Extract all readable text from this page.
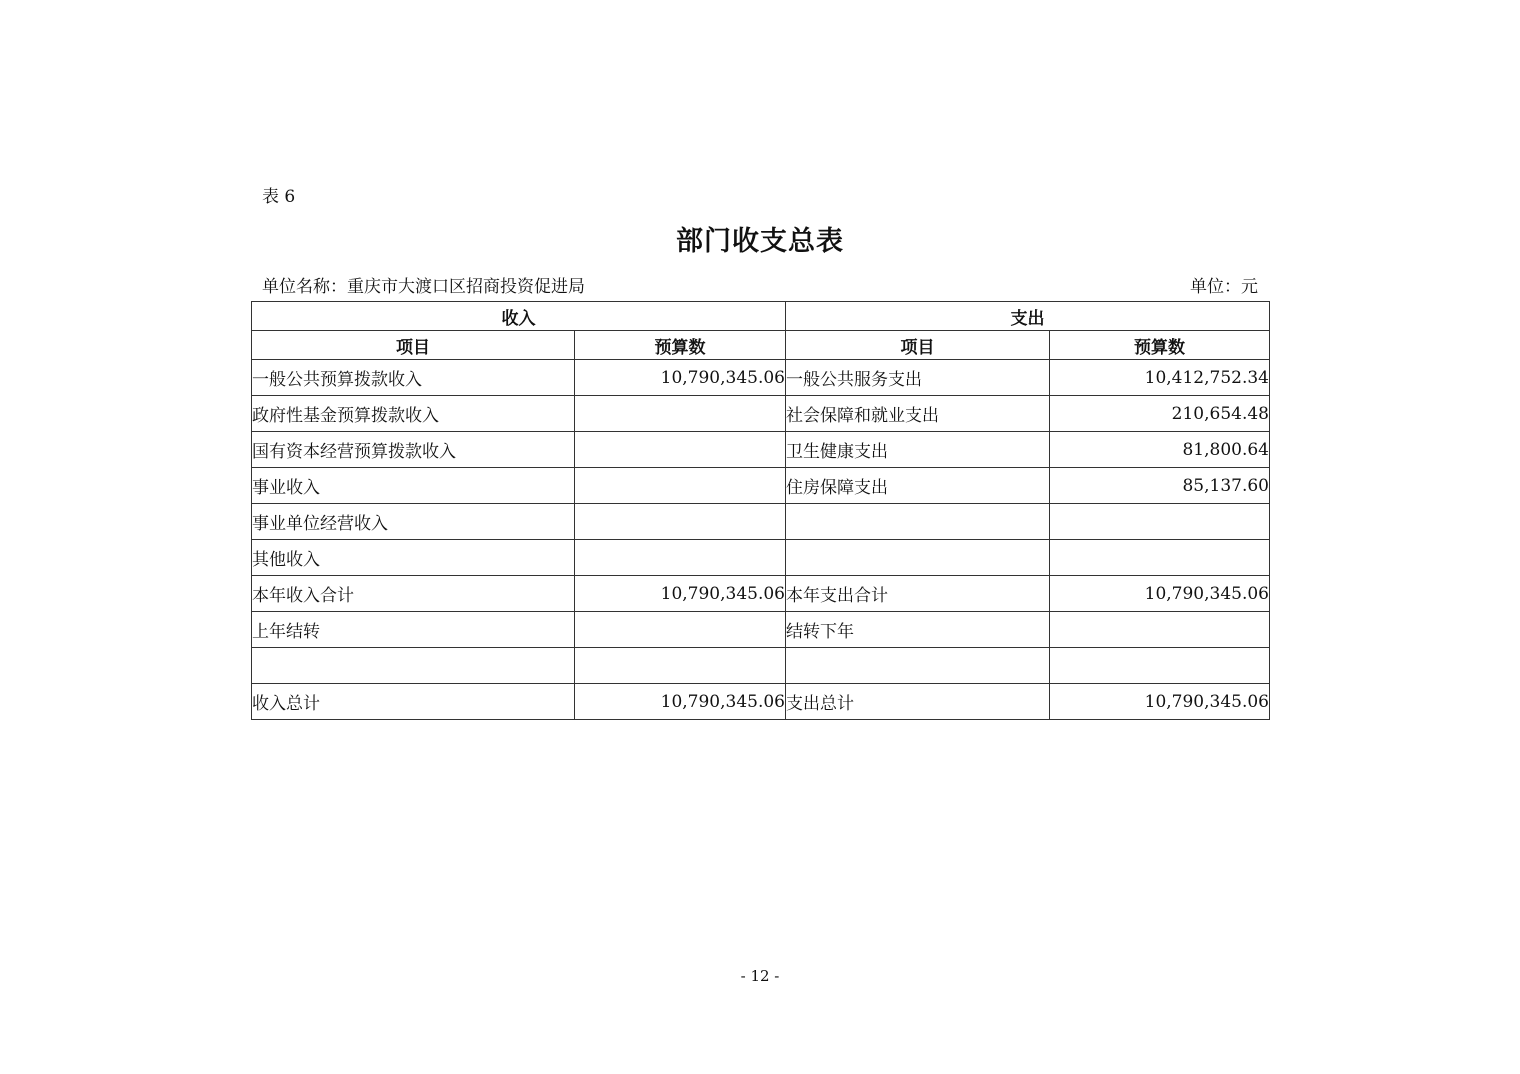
表 6
部门收支总表
单位名称：重庆市大渡口区招商投资促进局	单位：元
收入		支出	
项目	预算数	项目	预算数
一般公共预算拨款收入	10,790,345.06	一般公共服务支出	10,412,752.34
政府性基金预算拨款收入		社会保障和就业支出	210,654.48
国有资本经营预算拨款收入		卫生健康支出	81,800.64
事业收入		住房保障支出	85,137.60
事业单位经营收入			
其他收入			
本年收入合计	10,790,345.06	本年支出合计	10,790,345.06
上年结转		结转下年	

收入总计	10,790,345.06	支出总计	10,790,345.06
- 12 -
